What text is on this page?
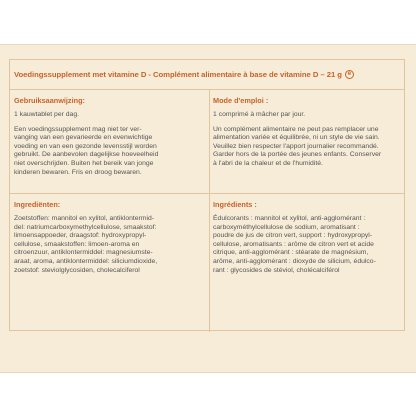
Voedingssupplement met vitamine D - Complément alimentaire à base de vitamine D – 21 g e
Gebruiksaanwijzing:
1 kauwtablet per dag.
Een voedingssupplement mag niet ter ver-
vanging van een gevarieerde en evenwichtige
voeding en van een gezonde levensstijl worden
gebruikt. De aanbevolen dagelijkse hoeveelheid
niet overschrijden. Buiten het bereik van jonge
kinderen bewaren. Fris en droog bewaren.
Ingrediënten:
Zoetstoffen: mannitol en xylitol, antiklontermid-
del: natriumcarboxymethylcellulose, smaakstof:
limoensappoeder, draagstof: hydroxypropyl-
cellulose, smaakstoffen: limoen-aroma en
citroenzuur, antiklontermiddel: magnesiumste-
araat, aroma, antiklontermiddel: siliciumdioxide,
zoetstof: steviolglycosiden, cholecalciferol
Mode d'emploi :
1 comprimé à mâcher par jour.
Un complément alimentaire ne peut pas remplacer une
alimentation variée et équilibrée, ni un style de vie sain.
Veuillez bien respecter l'apport journalier recommandé.
Garder hors de la portée des jeunes enfants. Conserver
à l'abri de la chaleur et de l'humidité.
Ingrédients :
Édulcorants : mannitol et xylitol, anti-agglomérant :
carboxyméthylcellulose de sodium, aromatisant :
poudre de jus de citron vert, support : hydroxypropyl-
cellulose, aromatisants : arôme de citron vert et acide
citrique, anti-agglomérant : stéarate de magnésium,
arôme, anti-agglomérant : dioxyde de silicium, édulco-
rant : glycosides de stéviol, cholécalciférol
